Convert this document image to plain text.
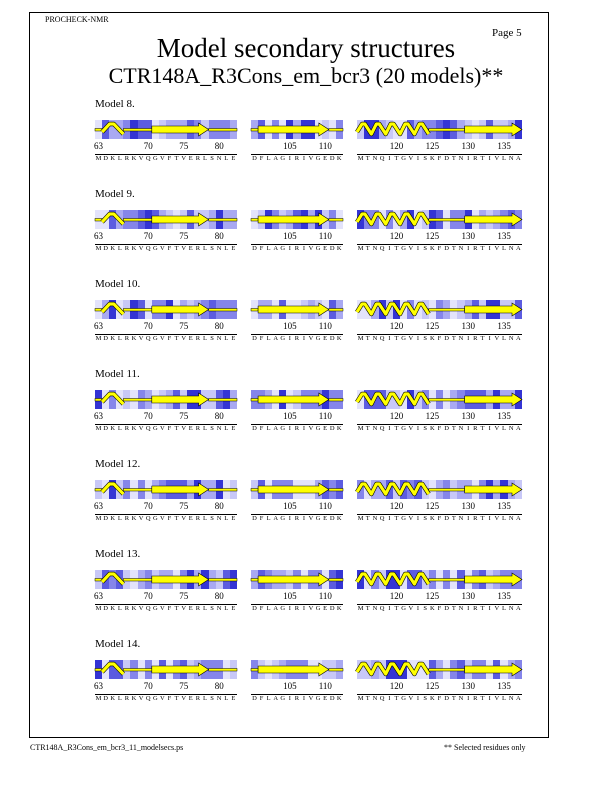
PROCHECK-NMR
Page 5
Model secondary structures
CTR148A_R3Cons_em_bcr3 (20 models)**
Model 8.
63	70	75	80
M D K L R K V Q G V F T V E R L S N L E
105 110
D F L A G I R I V G E D K
120 125 130 135
M T N Q I T G V I S K F D T N I R T I V L N A
Model 9.
63	70	75	80
M D K L R K V Q G V F T V E R L S N L E
105 110
D F L A G I R I V G E D K
120 125 130 135
M T N Q I T G V I S K F D T N I R T I V L N A
Model 10.
63	70	75	80
M D K L R K V Q G V F T V E R L S N L E
105 110
D F L A G I R I V G E D K
120 125 130 135
M T N Q I T G V I S K F D T N I R T I V L N A
Model 11.
63	70	75	80
M D K L R K V Q G V F T V E R L S N L E
105 110
D F L A G I R I V G E D K
120 125 130 135
M T N Q I T G V I S K F D T N I R T I V L N A
Model 12.
63	70	75	80
M D K L R K V Q G V F T V E R L S N L E
105 110
D F L A G I R I V G E D K
120 125 130 135
M T N Q I T G V I S K F D T N I R T I V L N A
Model 13.
63	70	75	80
M D K L R K V Q G V F T V E R L S N L E
105 110
D F L A G I R I V G E D K
120 125 130 135
M T N Q I T G V I S K F D T N I R T I V L N A
Model 14.
63	70	75	80
M D K L R K V Q G V F T V E R L S N L E
105 110
D F L A G I R I V G E D K
120 125 130 135
M T N Q I T G V I S K F D T N I R T I V L N A
CTR148A_R3Cons_em_bcr3_11_modelsecs.ps	** Selected residues only
